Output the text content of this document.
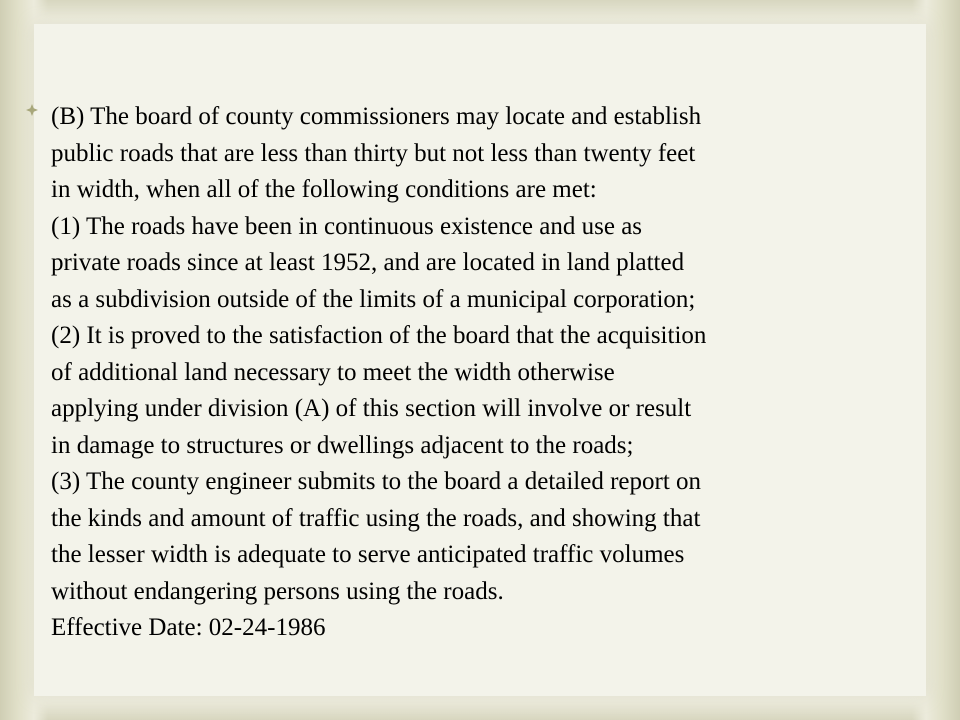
(B) The board of county commissioners may locate and establish
public roads that are less than thirty but not less than twenty feet
in width, when all of the following conditions are met:
(1) The roads have been in continuous existence and use as
private roads since at least 1952, and are located in land platted
as a subdivision outside of the limits of a municipal corporation;
(2) It is proved to the satisfaction of the board that the acquisition
of additional land necessary to meet the width otherwise
applying under division (A) of this section will involve or result
in damage to structures or dwellings adjacent to the roads;
(3) The county engineer submits to the board a detailed report on
the kinds and amount of traffic using the roads, and showing that
the lesser width is adequate to serve anticipated traffic volumes
without endangering persons using the roads.
Effective Date: 02-24-1986
